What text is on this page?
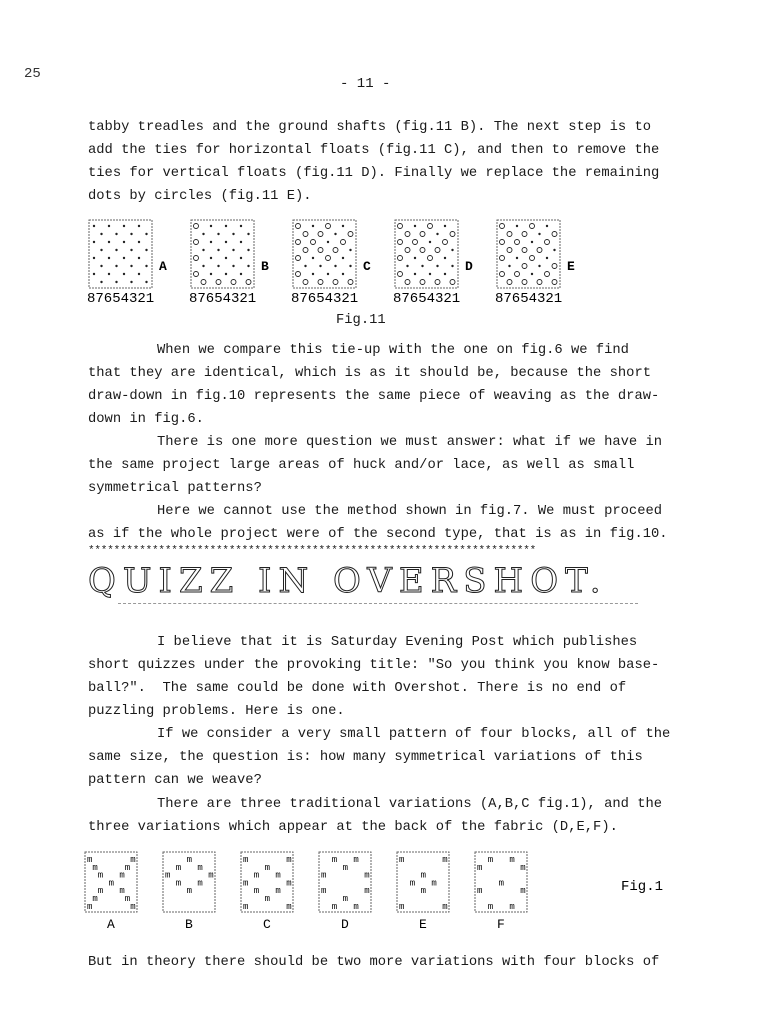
25
- 11 -
tabby treadles and the ground shafts (fig.11 B). The next step is to
add the ties for horizontal floats (fig.11 C), and then to remove the
ties for vertical floats (fig.11 D). Finally we replace the remaining
dots by circles (fig.11 E).
A
87654321
B
87654321
C
87654321
D
87654321
E
87654321
Fig.11
When we compare this tie-up with the one on fig.6 we find
that they are identical, which is as it should be, because the short
draw-down in fig.10 represents the same piece of weaving as the draw-
down in fig.6.
There is one more question we must answer: what if we have in
the same project large areas of huck and/or lace, as well as small
symmetrical patterns?
Here we cannot use the method shown in fig.7. We must proceed
as if the whole project were of the second type, that is as in fig.10.
**********************************************************************
QUIZZ IN OVERSHOT.
I believe that it is Saturday Evening Post which publishes
short quizzes under the provoking title: "So you think you know base-
ball?".  The same could be done with Overshot. There is no end of
puzzling problems. Here is one.
If we consider a very small pattern of four blocks, all of the
same size, the question is: how many symmetrical variations of this
pattern can we weave?
There are three traditional variations (A,B,C fig.1), and the
three variations which appear at the back of the fabric (D,E,F).
m	m
m	m
m m
m
m m
m	m
m	m
A
m
m m
m	m
m m
m
B
m	m
m
m m
m	m
m m
m
m	m
C
m m
m
m	m
m	m
m
m m
D
m	m
m
m m
m
m	m
E
m m
m	m
m
m	m
m m
F
Fig.1
But in theory there should be two more variations with four blocks of
